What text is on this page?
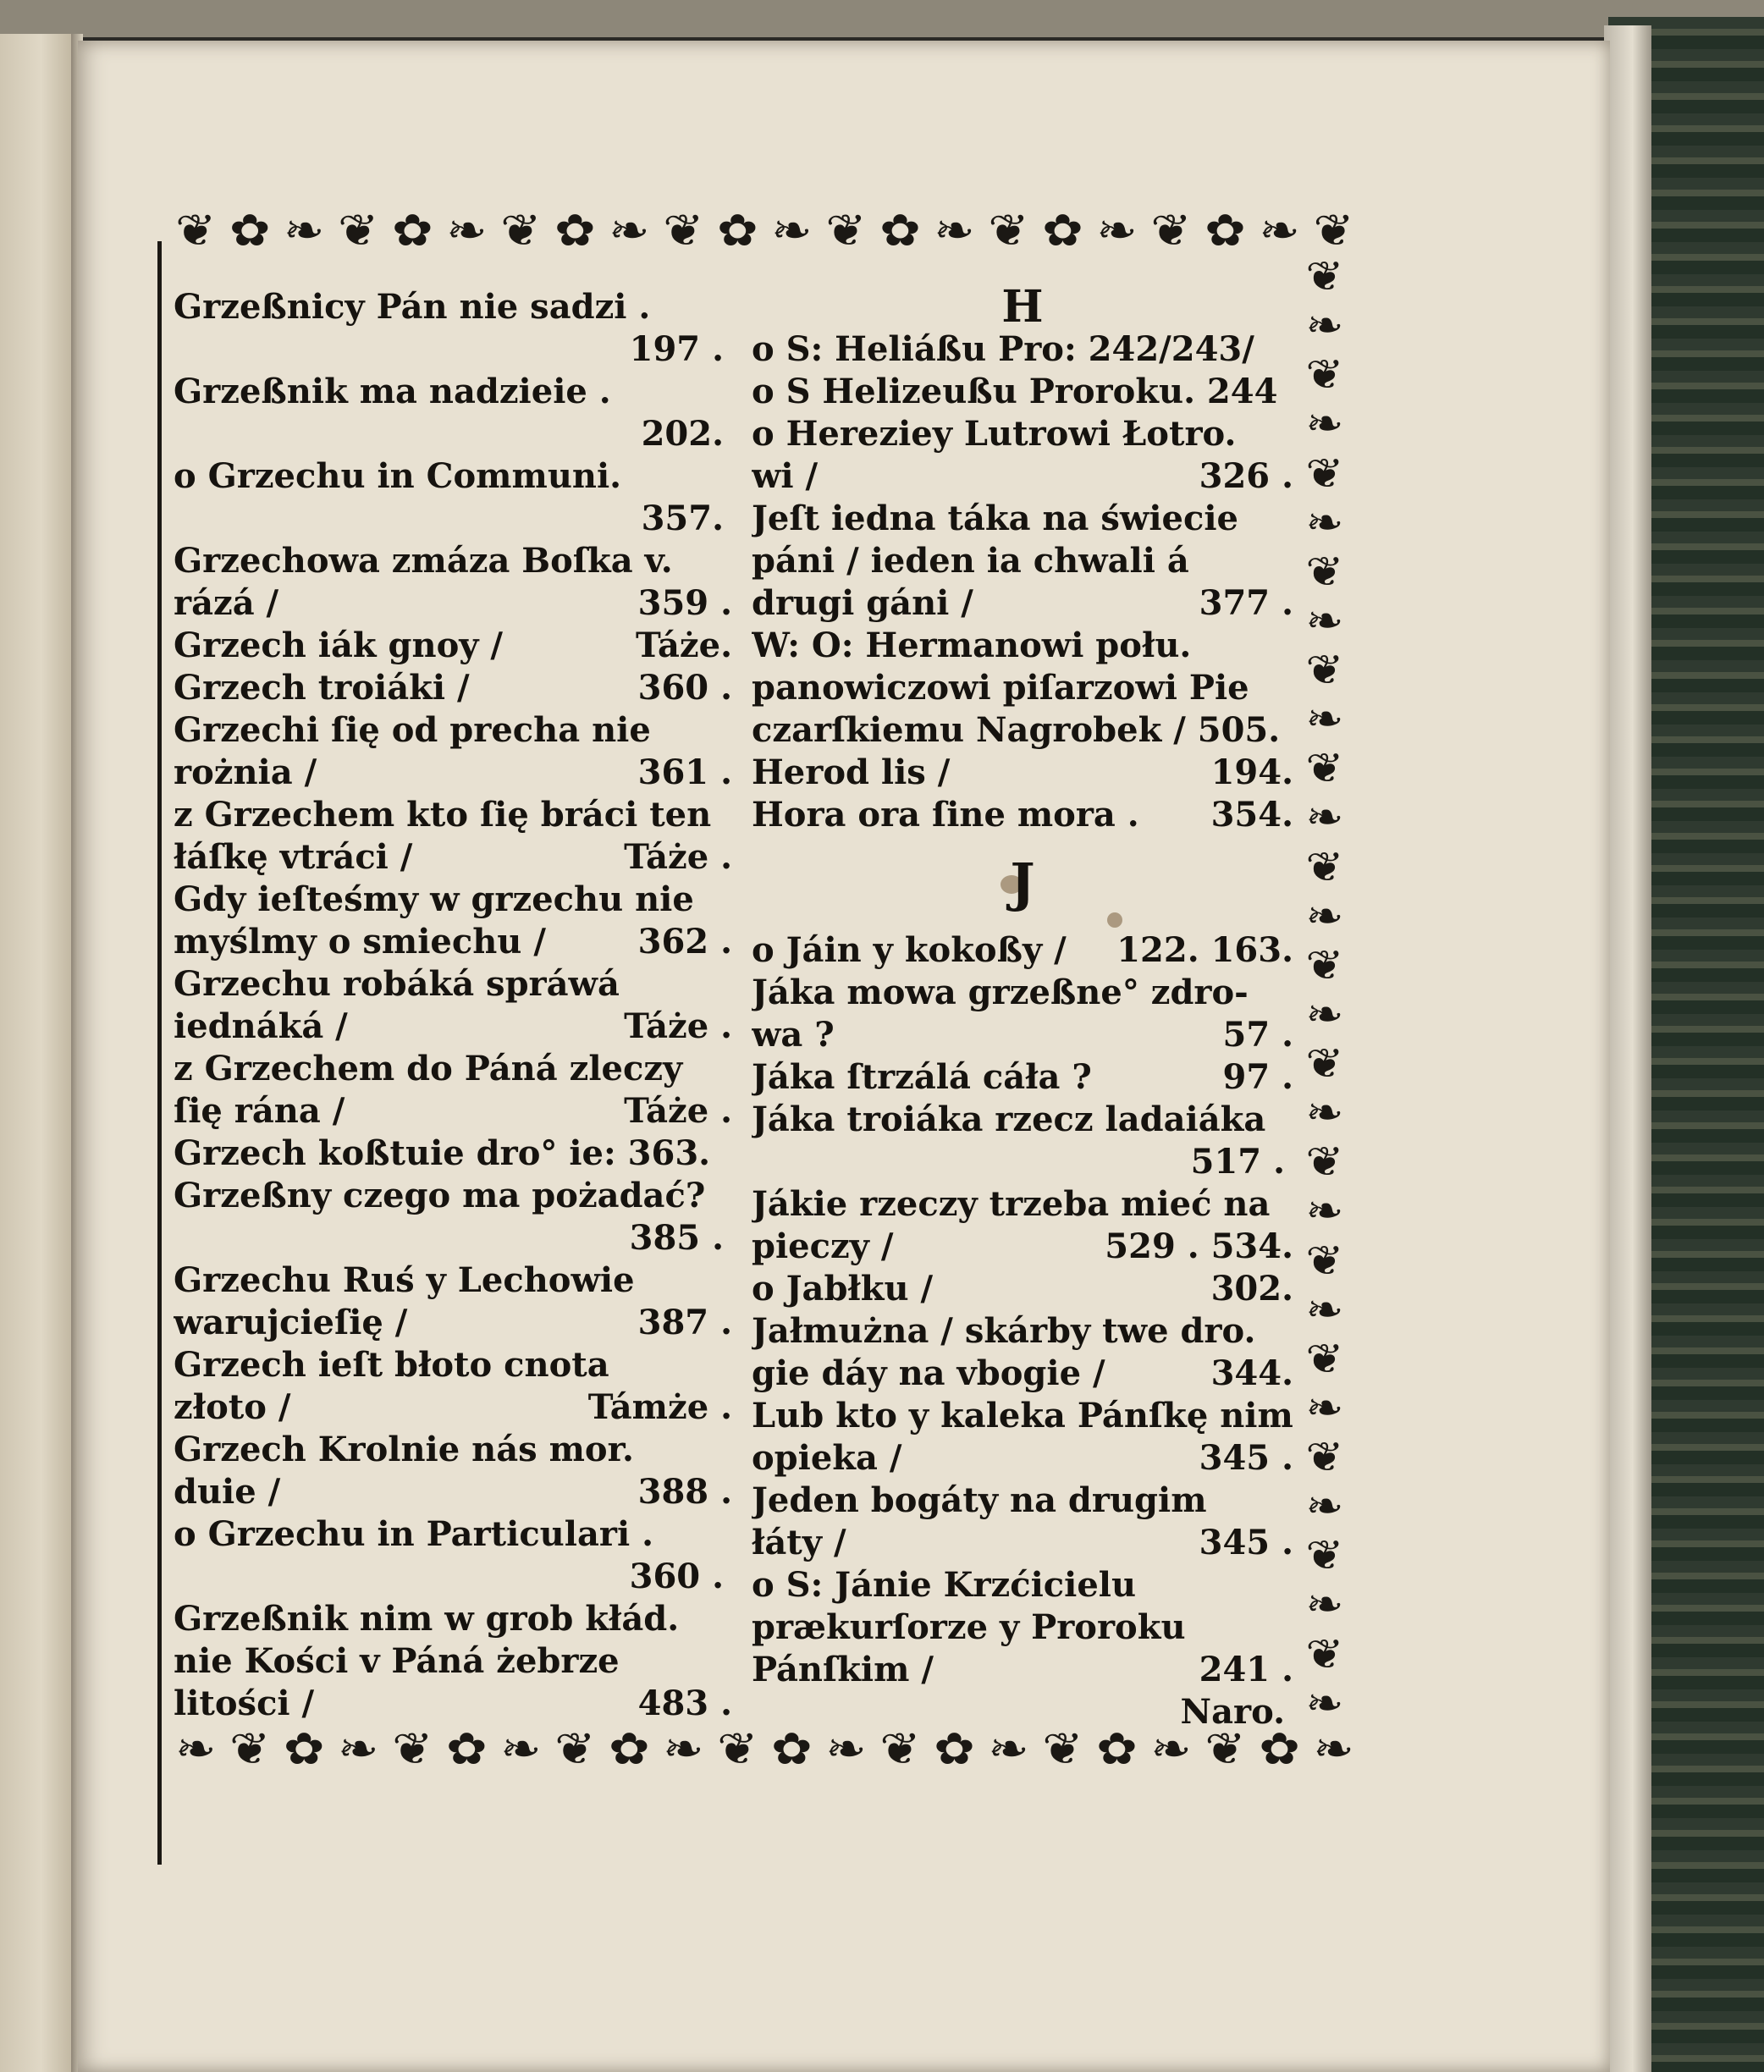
❦ ✿ ❧ ❦ ✿ ❧ ❦ ✿ ❧ ❦ ✿ ❧ ❦ ✿ ❧ ❦ ✿ ❧ ❦ ✿ ❧ ❦
❦
❧
❦
❧
❦
❧
❦
❧
❦
❧
❦
❧
❦
❧
❦
❧
❦
❧
❦
❧
❦
❧
❦
❧
❦
❧
❦
❧
❦
❧
❧ ❦ ✿ ❧ ❦ ✿ ❧ ❦ ✿ ❧ ❦ ✿ ❧ ❦ ✿ ❧ ❦ ✿ ❧ ❦ ✿ ❧
Grzeßnicy Pán nie sadzi .
197 .
Grzeßnik ma nadzieie .
202.
o Grzechu in Communi.
357.
Grzechowa zmáza Boſka v.
rázá /	359 .
Grzech iák gnoy /	Táże.
Grzech troiáki /	360 .
Grzechi ſię od precha nie
rożnia /	361 .
z Grzechem kto ſię bráci ten
łáſkę vtráci /	Táże .
Gdy ieſteśmy w grzechu nie
myślmy o smiechu /	362 .
Grzechu robáká spráwá
iednáká /	Táże .
z Grzechem do Páná zleczy
ſię rána /	Táże .
Grzech koßtuie dro° ie: 363.
Grzeßny czego ma pożadać?
385 .
Grzechu Ruś y Lechowie
warujcieſię /	387 .
Grzech ieſt błoto cnota
złoto /	Támże .
Grzech Krolnie nás mor.
duie /	388 .
o Grzechu in Particulari .
360 .
Grzeßnik nim w grob kłád.
nie Kości v Páná żebrze
litości /	483 .
H
o S: Heliáßu Pro: 242/243/
o S Helizeußu Proroku. 244
o Hereziey Lutrowi Łotro.
wi /	326 .
Jeſt iedna táka na świecie
páni / ieden ia chwali á
drugi gáni /	377 .
W: O: Hermanowi połu.
panowiczowi piſarzowi Pie
czarſkiemu Nagrobek / 505.
Herod lis /	194.
Hora ora ſine mora . 354.
J
o Jáin y kokoßy / 122. 163.
Jáka mowa grzeßne° zdro-
wa ?	57 .
Jáka ſtrzálá cáła ?	97 .
Jáka troiáka rzecz ladaiáka
517 .
Jákie rzeczy trzeba mieć na
pieczy /	529 . 534.
o Jabłku /	302.
Jałmużna / skárby twe dro.
gie dáy na vbogie /	344.
Lub kto y kaleka Pánſkę nim
opieka /	345 .
Jeden bogáty na drugim
łáty /	345 .
o S: Jánie Krzćicielu
prækurſorze y Proroku
Pánſkim /	241 .
Naro.
